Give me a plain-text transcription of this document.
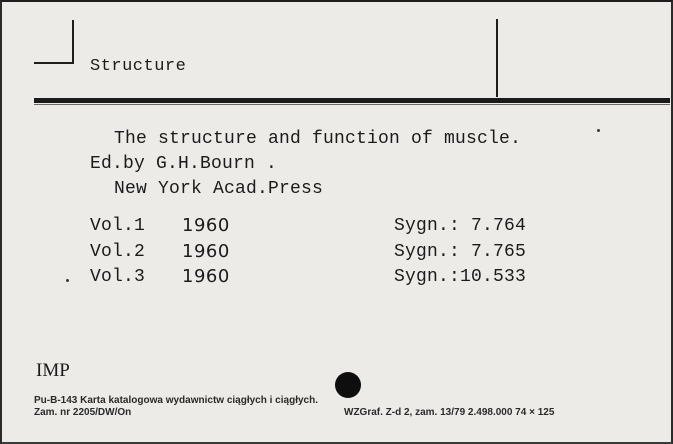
Structure
The structure and function of muscle.
Ed.by G.H.Bourn .
New York Acad.Press
Vol.1 1960	Sygn.: 7.764
Vol.2 1960	Sygn.: 7.765
Vol.3 1960	Sygn.:10.533
IMP
Pu-B-143 Karta katalogowa wydawnictw ciągłych i ciągłych.
Zam. nr 2205/DW/On	WZGraf. Z-d 2, zam. 13/79 2.498.000 74 × 125
